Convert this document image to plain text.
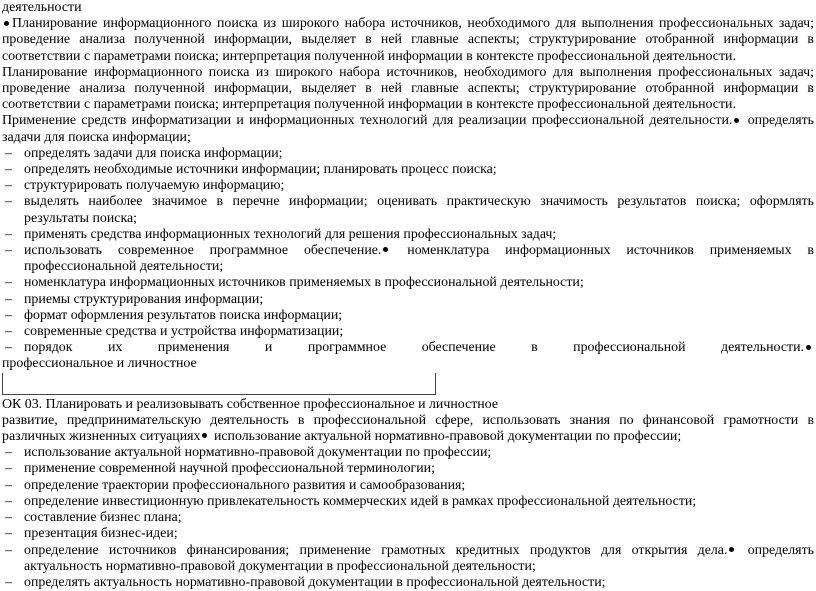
деятельности

Планирование информационного поиска из широкого набора источников, необходимого для выполнения профессиональных задач; проведение анализа полученной информации, выделяет в ней главные аспекты; структурирование отобранной информации в соответствии с параметрами поиска; интерпретация полученной информации в контексте профессиональной деятельности.

Планирование информационного поиска из широкого набора источников, необходимого для выполнения профессиональных задач; проведение анализа полученной информации, выделяет в ней главные аспекты; структурирование отобранной информации в соответствии с параметрами поиска; интерпретация полученной информации в контексте профессиональной деятельности.

Применение средств информатизации и информационных технологий для реализации профессиональной деятельности. определять задачи для поиска информации;

– определять задачи для поиска информации;
– определять необходимые источники информации; планировать процесс поиска;
– структурировать получаемую информацию;
– выделять наиболее значимое в перечне информации; оценивать практическую значимость результатов поиска; оформлять результаты поиска;
– применять средства информационных технологий для решения профессиональных задач;
– использовать современное программное обеспечение. номенклатура информационных источников применяемых в профессиональной деятельности;
– номенклатура информационных источников применяемых в профессиональной деятельности;
– приемы структурирования информации;
– формат оформления результатов поиска информации;
– современные средства и устройства информатизации;
– порядок их применения и программное обеспечение в профессиональной деятельности.

профессиональное и личностное

ОК 03. Планировать и реализовывать собственное профессиональное и личностное

развитие, предпринимательскую деятельность в профессиональной сфере, использовать знания по финансовой грамотности в различных жизненных ситуациях использование актуальной нормативно-правовой документации по профессии;

– использование актуальной нормативно-правовой документации по профессии;
– применение современной научной профессиональной терминологии;
– определение траектории профессионального развития и самообразования;
– определение инвестиционную привлекательность коммерческих идей в рамках профессиональной деятельности;
– составление бизнес плана;
– презентация бизнес-идеи;
– определение источников финансирования; применение грамотных кредитных продуктов для открытия дела. определять актуальность нормативно-правовой документации в профессиональной деятельности;
– определять актуальность нормативно-правовой документации в профессиональной деятельности;
